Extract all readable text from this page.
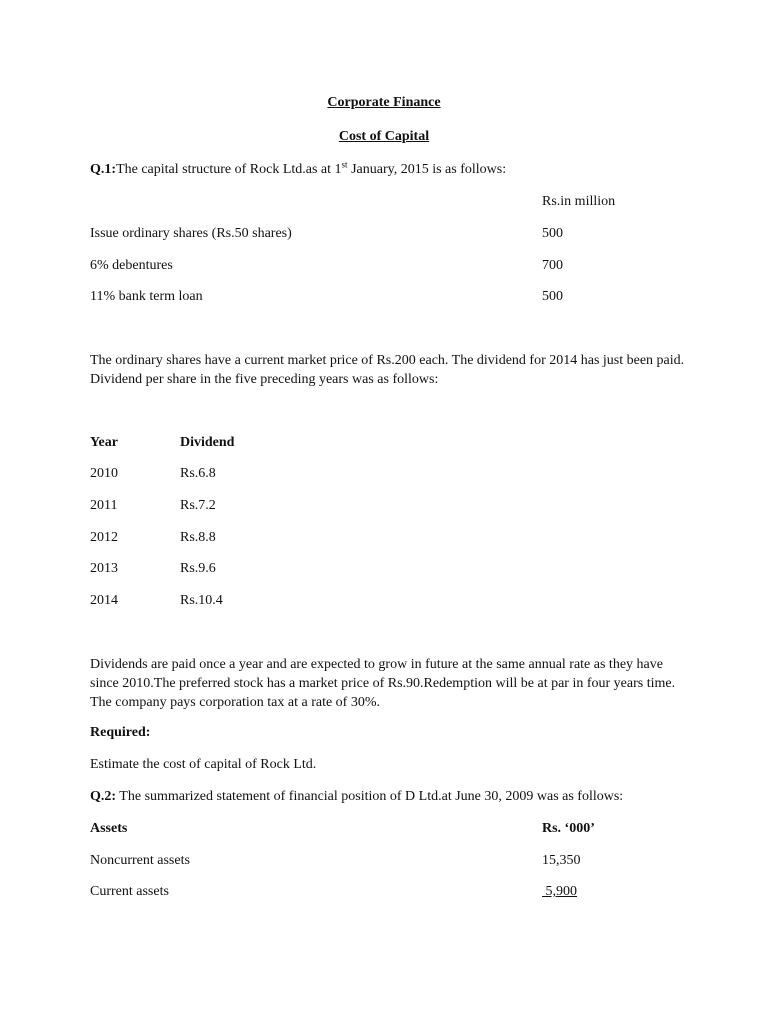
Corporate Finance
Cost of Capital
Q.1:The capital structure of Rock Ltd.as at 1st January, 2015 is as follows:
Rs.in million
Issue ordinary shares (Rs.50 shares)	500
6% debentures	700
11% bank term loan	500
The ordinary shares have a current market price of Rs.200 each. The dividend for 2014 has just been paid.
Dividend per share in the five preceding years was as follows:
Year	Dividend
2010	Rs.6.8
2011	Rs.7.2
2012	Rs.8.8
2013	Rs.9.6
2014	Rs.10.4
Dividends are paid once a year and are expected to grow in future at the same annual rate as they have
since 2010.The preferred stock has a market price of Rs.90.Redemption will be at par in four years time.
The company pays corporation tax at a rate of 30%.
Required:
Estimate the cost of capital of Rock Ltd.
Q.2: The summarized statement of financial position of D Ltd.at June 30, 2009 was as follows:
Assets	Rs. ‘000’
Noncurrent assets	15,350
Current assets	5,900
